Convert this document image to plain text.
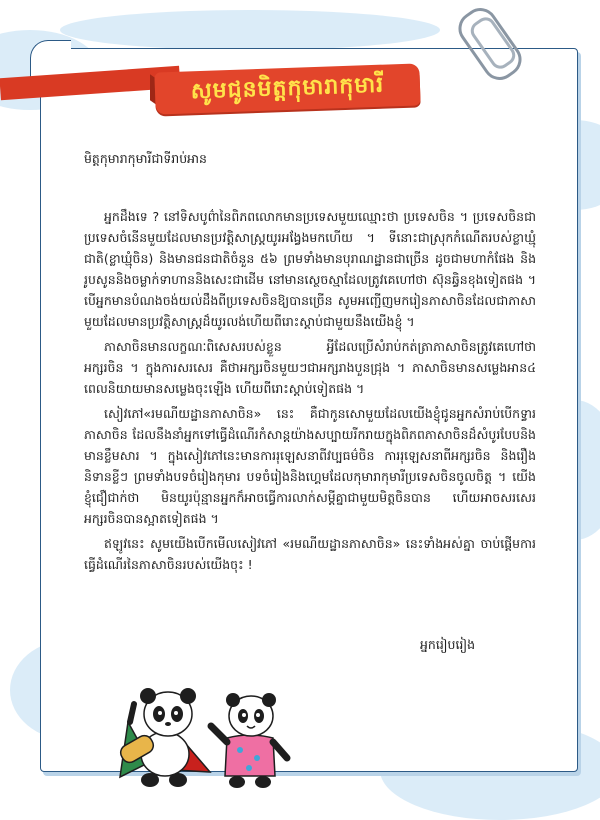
សូមជូនមិត្តកុមារាកុមារី
មិត្តកុមារាកុមារីជាទីរាប់អាន

អ្នកដឹងទេ ? នៅទិសបូព៌ានៃពិភពលោកមានប្រទេសមួយឈ្មោះថា ប្រទេសចិន ។ ប្រទេសចិនជាប្រទេសចំនើនមួយដែលមានប្រវត្តិសាស្ត្រយូរអង្វែងមកហើយ ។ ទីនោះជាស្រុកកំណើតរបស់ខ្លាឃ្មុំជាតិ(ខ្លាឃ្មុំចិន) និងមានជនជាតិចំនួន ៥៦ ព្រមទាំងមានបុរាណដ្ឋានជាច្រើន ដូចជាមហាកំផែង និងរូបសូននិងចម្លាក់ទាហាននិងសេះជាដើម នៅមានស្ថេចស្មាដែលត្រូវគេហៅថា ស៊ុនឆ្វិនខុងទៀតផង ។ បើអ្នកមានបំណងចង់យល់ដឹងពីប្រទេសចិនឱ្យបានច្រើន សូមអញ្ជើញមករៀនភាសាចិនដែលជាភាសាមួយដែលមានប្រវត្តិសាស្ត្រដ៏យូរលង់ហើយពីរោះស្តាប់ជាមួយនឹងយើងខ្ញុំ ។

ភាសាចិនមានលក្ខណៈពិសេសរបស់ខ្លួន អ្វីដែលប្រើសំរាប់កត់ត្រាភាសាចិនត្រូវគេហៅថា អក្សរចិន ។ ក្នុងការសរសេរ គឺថាអក្សរចិនមួយៗជាអក្សរាងបួនជ្រុង ។ ភាសាចិនមានសម្លេងអាន៤ ពេលនិយាយមានសម្លេងចុះឡើង ហើយពីរោះស្តាប់ទៀតផង ។

សៀវភៅ«រមណីយដ្ឋានភាសាចិន» នេះ គឺជាកូនសោមួយដែលយើងខ្ញុំជូនអ្នកសំរាប់បើកទ្វារភាសាចិន ដែលនឹងនាំអ្នកទៅធ្វើដំណើរកំសាន្តយ៉ាងសប្បាយរីករាយក្នុងពិភពភាសាចិនដ៏សំបូរបែបនិងមានខ្លឹមសារ ។ ក្នុងសៀវភៅនេះមានការរុឡេសនាពីវប្បធម៌ចិន ការរុឡេសនាពីអក្សរចិន និងរឿងនិទានខ្លីៗ ព្រមទាំងបទចំរៀងកុមារ បទចំរៀងនិងហ្គេមដែលកុមារាកុមារីប្រទេសចិនចូលចិត្ត ។ យើងខ្ញុំជឿជាក់ថា មិនយូរប៉ុន្មានអ្នកក៏អាចធ្វើការលាក់សម្ដីគ្នាជាមួយមិត្តចិនបាន ហើយអាចសរសេរអក្សរចិនបានស្អាតទៀតផង ។

ឥឡូវនេះ សូមយើងបើកមើលសៀវភៅ «រមណីយដ្ឋានភាសាចិន» នេះទាំងអស់គ្នា ចាប់ផ្តើមការធ្វើដំណើរនៃភាសាចិនរបស់យើងចុះ !

អ្នករៀបរៀង
